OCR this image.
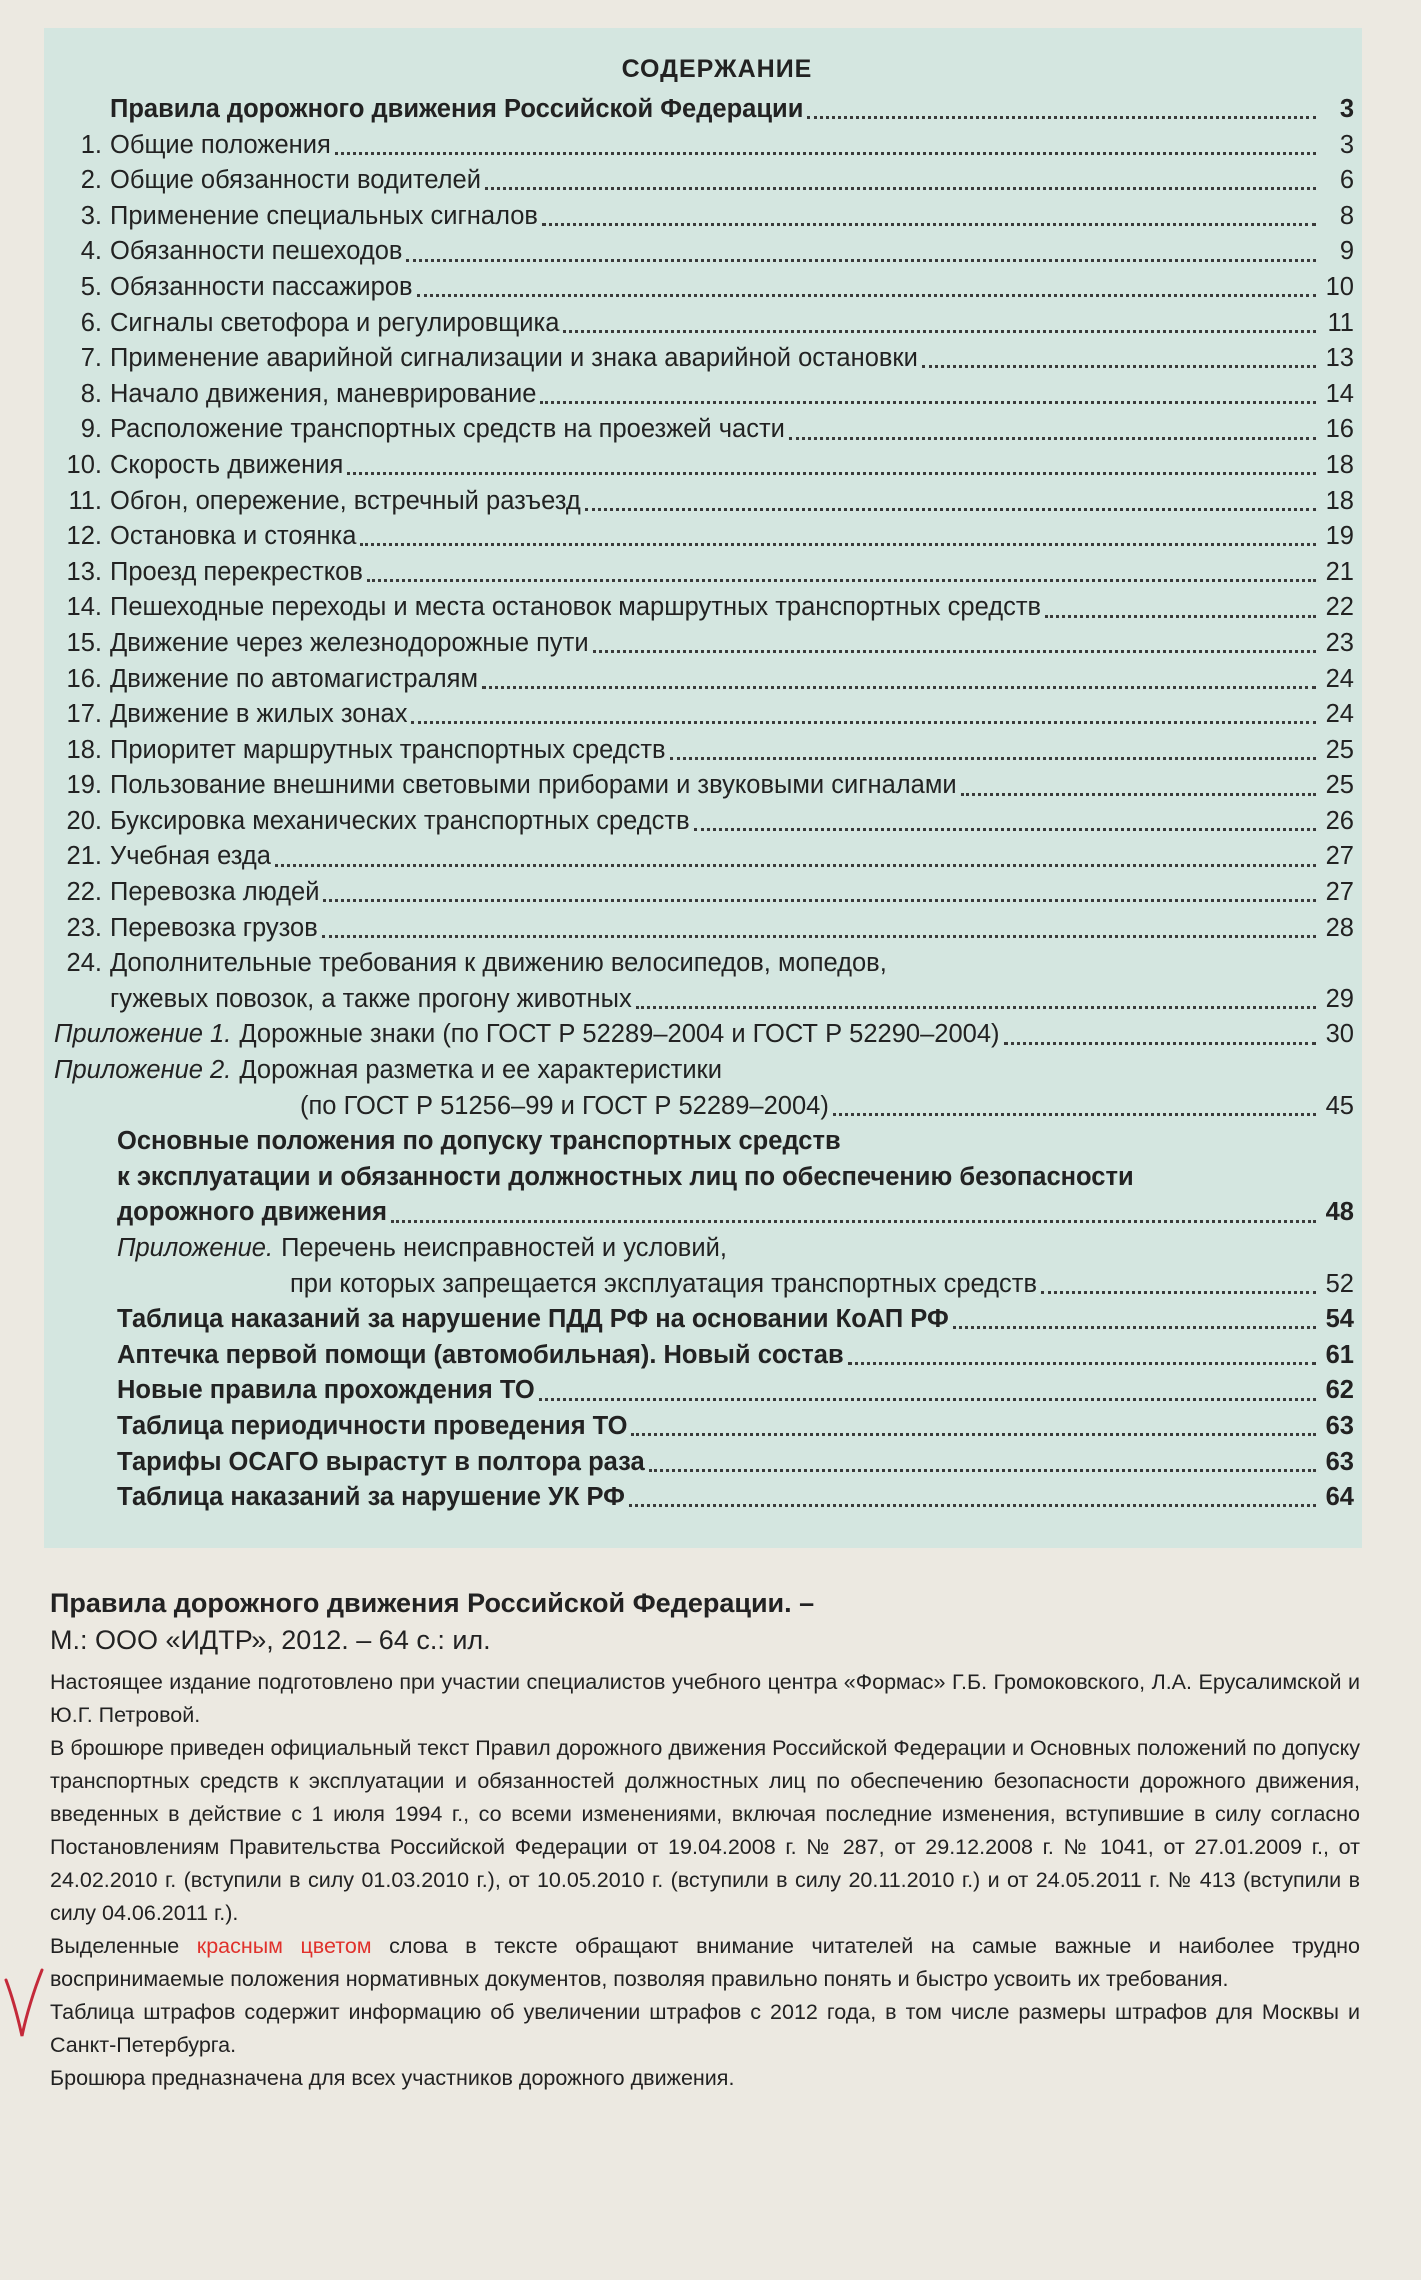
СОДЕРЖАНИЕ
Правила дорожного движения Российской Федерации	3
1. Общие положения	3
2. Общие обязанности водителей	6
3. Применение специальных сигналов	8
4. Обязанности пешеходов	9
5. Обязанности пассажиров	10
6. Сигналы светофора и регулировщика	11
7. Применение аварийной сигнализации и знака аварийной остановки	13
8. Начало движения, маневрирование	14
9. Расположение транспортных средств на проезжей части	16
10. Скорость движения	18
11. Обгон, опережение, встречный разъезд	18
12. Остановка и стоянка	19
13. Проезд перекрестков	21
14. Пешеходные переходы и места остановок маршрутных транспортных средств	22
15. Движение через железнодорожные пути	23
16. Движение по автомагистралям	24
17. Движение в жилых зонах	24
18. Приоритет маршрутных транспортных средств	25
19. Пользование внешними световыми приборами и звуковыми сигналами	25
20. Буксировка механических транспортных средств	26
21. Учебная езда	27
22. Перевозка людей	27
23. Перевозка грузов	28
24. Дополнительные требования к движению велосипедов, мопедов,
гужевых повозок, а также прогону животных	29
Приложение 1. Дорожные знаки (по ГОСТ Р 52289–2004 и ГОСТ Р 52290–2004)	30
Приложение 2. Дорожная разметка и ее характеристики
(по ГОСТ Р 51256–99 и ГОСТ Р 52289–2004)	45
Основные положения по допуску транспортных средств
к эксплуатации и обязанности должностных лиц по обеспечению безопасности
дорожного движения	48
Приложение. Перечень неисправностей и условий,
при которых запрещается эксплуатация транспортных средств	52
Таблица наказаний за нарушение ПДД РФ на основании КоАП РФ	54
Аптечка первой помощи (автомобильная). Новый состав	61
Новые правила прохождения ТО	62
Таблица периодичности проведения ТО	63
Тарифы ОСАГО вырастут в полтора раза	63
Таблица наказаний за нарушение УК РФ	64
Правила дорожного движения Российской Федерации. –
М.: ООО «ИДТР», 2012. – 64 с.: ил.

Настоящее издание подготовлено при участии специалистов учебного центра «Формас» Г.Б. Громоковского, Л.А. Ерусалимской и Ю.Г. Петровой.

В брошюре приведен официальный текст Правил дорожного движения Российской Федерации и Основных положений по допуску транспортных средств к эксплуатации и обязанностей должностных лиц по обеспечению безопасности дорожного движения, введенных в действие с 1 июля 1994 г., со всеми изменениями, включая последние изменения, вступившие в силу согласно Постановлениям Правительства Российской Федерации от 19.04.2008 г. № 287, от 29.12.2008 г. № 1041, от 27.01.2009 г., от 24.02.2010 г. (вступили в силу 01.03.2010 г.), от 10.05.2010 г. (вступили в силу 20.11.2010 г.) и от 24.05.2011 г. № 413 (вступили в силу 04.06.2011 г.).

Выделенные красным цветом слова в тексте обращают внимание читателей на самые важные и наиболее трудно воспринимаемые положения нормативных документов, позволяя правильно понять и быстро усвоить их требования.

Таблица штрафов содержит информацию об увеличении штрафов с 2012 года, в том числе размеры штрафов для Москвы и Санкт-Петербурга.

Брошюра предназначена для всех участников дорожного движения.
